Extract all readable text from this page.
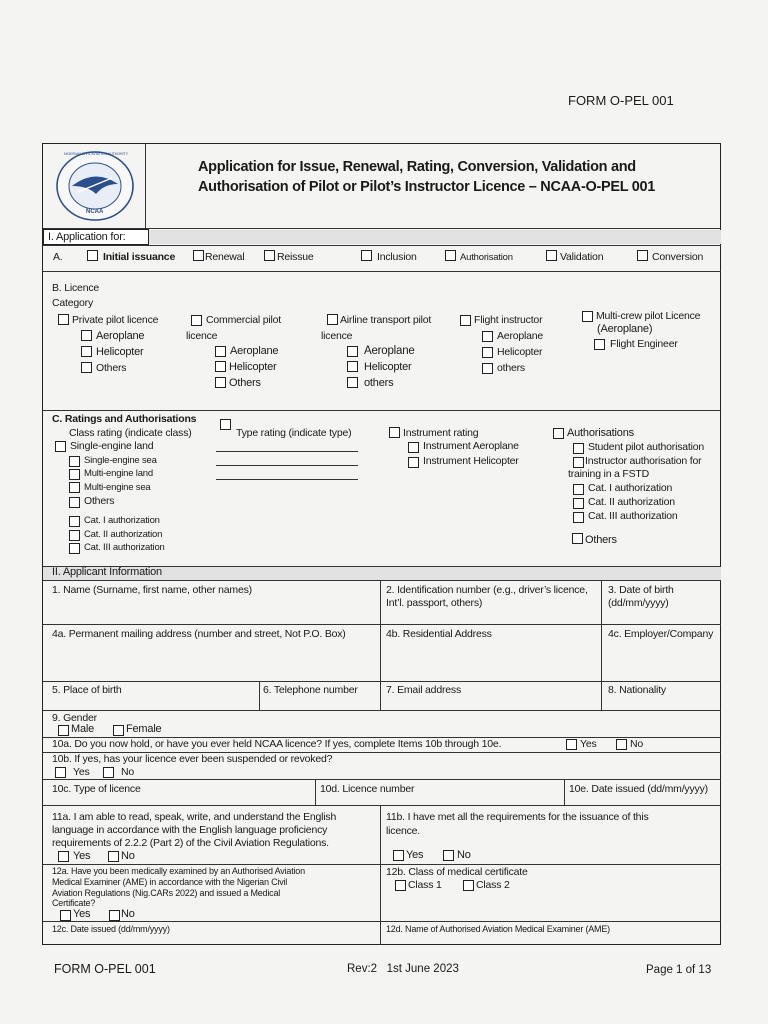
FORM O-PEL 001
NIGERIAN CIVIL AVIATION AUTHORITY
NCAA
Application for Issue, Renewal, Rating, Conversion, Validation and
Authorisation of Pilot or Pilot’s Instructor Licence – NCAA-O-PEL 001
I. Application for:
A.	Initial issuance	Renewal	Reissue	Inclusion	Authorisation	Validation	Conversion
B. Licence
Category
Private pilot licence
Aeroplane
Helicopter
Others
Commercial pilot
licence
Aeroplane
Helicopter
Others
Airline transport pilot
licence
Aeroplane
Helicopter
others
Flight instructor
Aeroplane
Helicopter
others
Multi-crew pilot Licence
(Aeroplane)
Flight Engineer
C. Ratings and Authorisations
Class rating (indicate class)
Single-engine land
Single-engine sea
Multi-engine land
Multi-engine sea
Others
Cat. I authorization
Cat. II authorization
Cat. III authorization
Type rating (indicate type)	Instrument rating
Instrument Aeroplane
Instrument Helicopter
Authorisations
Student pilot authorisation
Instructor authorisation for
training in a FSTD
Cat. I authorization
Cat. II authorization
Cat. III authorization
Others
II. Applicant Information
1. Name (Surname, first name, other names)	2. Identification number (e.g., driver’s licence,
Int’l. passport, others)
3. Date of birth
(dd/mm/yyyy)
4a. Permanent mailing address (number and street, Not P.O. Box)	4b. Residential Address	4c. Employer/Company
5. Place of birth	6. Telephone number	7. Email address	8. Nationality
9. Gender
Male	Female
10a. Do you now hold, or have you ever held NCAA licence? If yes, complete Items 10b through 10e.	Yes	No
10b. If yes, has your licence ever been suspended or revoked?
Yes	No
10c. Type of licence	10d. Licence number	10e. Date issued (dd/mm/yyyy)
11a. I am able to read, speak, write, and understand the English
language in accordance with the English language proficiency
requirements of 2.2.2 (Part 2) of the Civil Aviation Regulations.
Yes	No
11b. I have met all the requirements for the issuance of this
licence.
Yes	No
12a. Have you been medically examined by an Authorised Aviation
Medical Examiner (AME) in accordance with the Nigerian Civil
Aviation Regulations (Nig.CARs 2022) and issued a Medical
Certificate?
Yes	No
12b. Class of medical certificate
Class 1	Class 2
12c. Date issued (dd/mm/yyyy)	12d. Name of Authorised Aviation Medical Examiner (AME)
FORM O-PEL 001	Rev:2   1st June 2023	Page 1 of 13
